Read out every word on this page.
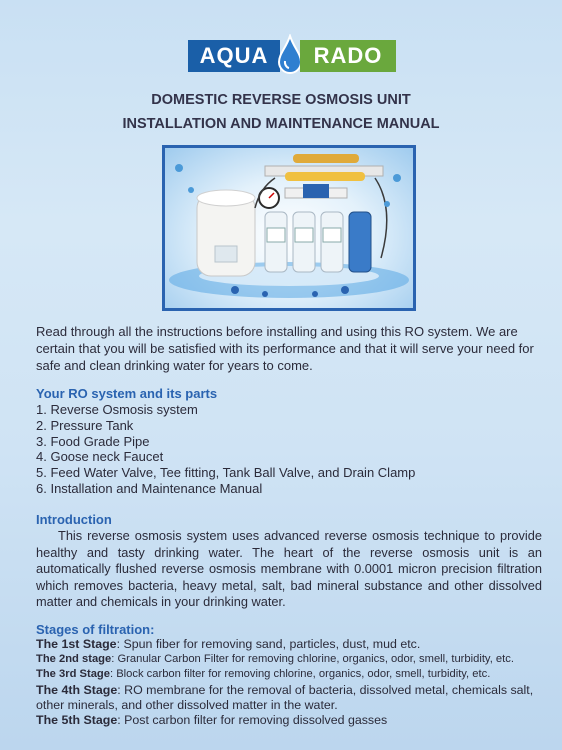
AQUA	RADO
DOMESTIC REVERSE OSMOSIS UNIT
INSTALLATION AND MAINTENANCE MANUAL
Read through all the instructions before installing and using this RO system. We are certain that you will be satisfied with its performance and that it will serve your need for safe and clean drinking water for years to come.
Your RO system and its parts
1. Reverse Osmosis system
2. Pressure Tank
3. Food Grade Pipe
4. Goose neck Faucet
5. Feed Water Valve, Tee fitting, Tank Ball Valve, and Drain Clamp
6. Installation and Maintenance Manual
Introduction
This reverse osmosis system uses advanced reverse osmosis technique to provide healthy and tasty drinking water. The heart of the reverse osmosis unit is an automatically flushed reverse osmosis membrane with 0.0001 micron precision filtration which removes bacteria, heavy metal, salt, bad mineral substance and other dissolved matter and chemicals in your drinking water.
Stages of filtration:
The 1st Stage: Spun fiber for removing sand, particles, dust, mud etc.
The 2nd stage: Granular Carbon Filter for removing chlorine, organics, odor, smell, turbidity, etc.
The 3rd Stage: Block carbon filter for removing chlorine, organics, odor, smell, turbidity, etc.
The 4th Stage: RO membrane for the removal of bacteria, dissolved metal, chemicals salt, other minerals, and other dissolved matter in the water.
The 5th Stage: Post carbon filter for removing dissolved gasses
